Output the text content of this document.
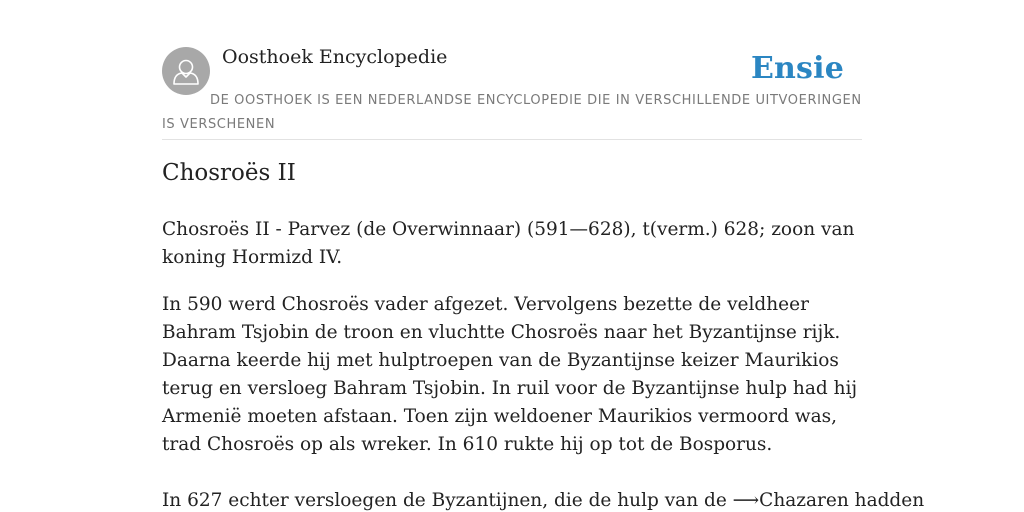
Oosthoek Encyclopedie	Ensie
DE OOSTHOEK IS EEN NEDERLANDSE ENCYCLOPEDIE DIE IN VERSCHILLENDE UITVOERINGEN IS VERSCHENEN
Chosroës II

Chosroës II - Parvez (de Overwinnaar) (591—628), t(verm.) 628; zoon van koning Hormizd IV.

In 590 werd Chosroës vader afgezet. Vervolgens bezette de veldheer Bahram Tsjobin de troon en vluchtte Chosroës naar het Byzantijnse rijk. Daarna keerde hij met hulptroepen van de Byzantijnse keizer Maurikios terug en versloeg Bahram Tsjobin. In ruil voor de Byzantijnse hulp had hij Armenië moeten afstaan. Toen zijn weldoener Maurikios vermoord was, trad Chosroës op als wreker. In 610 rukte hij op tot de Bosporus.

In 627 echter versloegen de Byzantijnen, die de hulp van de ⟶Chazaren hadden
